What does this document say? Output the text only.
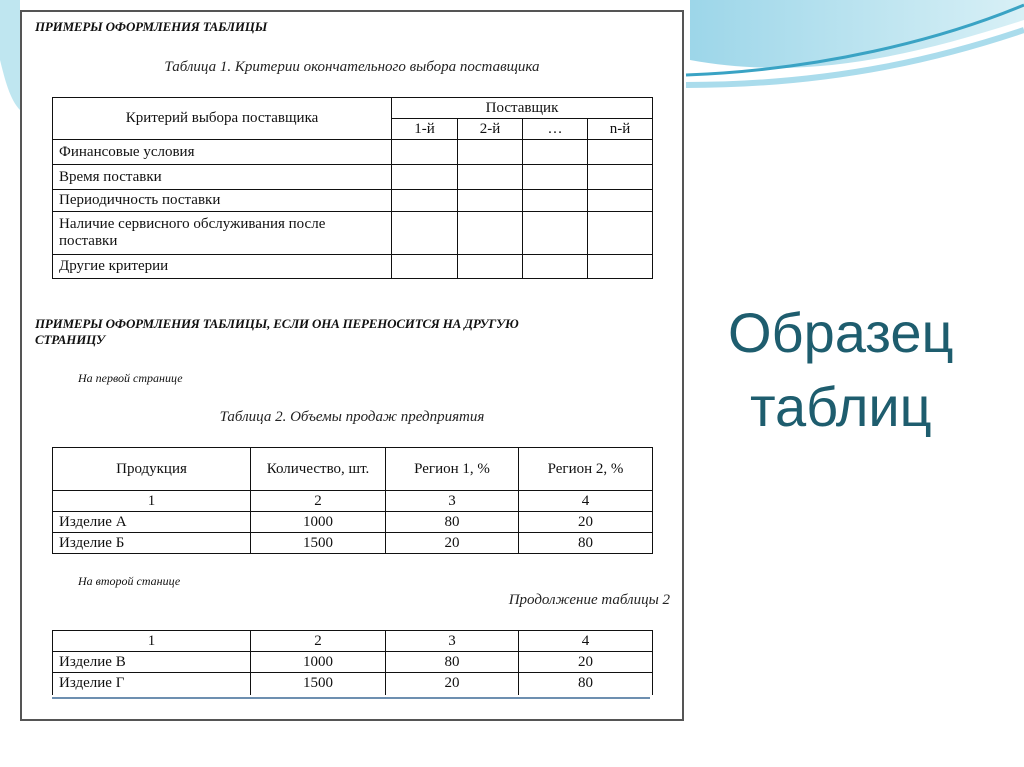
ПРИМЕРЫ ОФОРМЛЕНИЯ ТАБЛИЦЫ
Таблица 1. Критерии окончательного выбора поставщика
Критерий выбора поставщика	Поставщик			
	1-й	2-й	…	n-й
Финансовые условия				
Время поставки				
Периодичность поставки				
Наличие сервисного обслуживания после поставки				
Другие критерии				
ПРИМЕРЫ ОФОРМЛЕНИЯ ТАБЛИЦЫ, ЕСЛИ ОНА ПЕРЕНОСИТСЯ НА ДРУГУЮ
СТРАНИЦУ
На первой странице
Таблица 2. Объемы продаж предприятия
Продукция	Количество, шт.	Регион 1, %	Регион 2, %
1	2	3	4
Изделие А	1000	80	20
Изделие Б	1500	20	80
На второй станице
Продолжение таблицы 2
1	2	3	4
Изделие В	1000	80	20
Изделие Г	1500	20	80
Образец
таблиц
